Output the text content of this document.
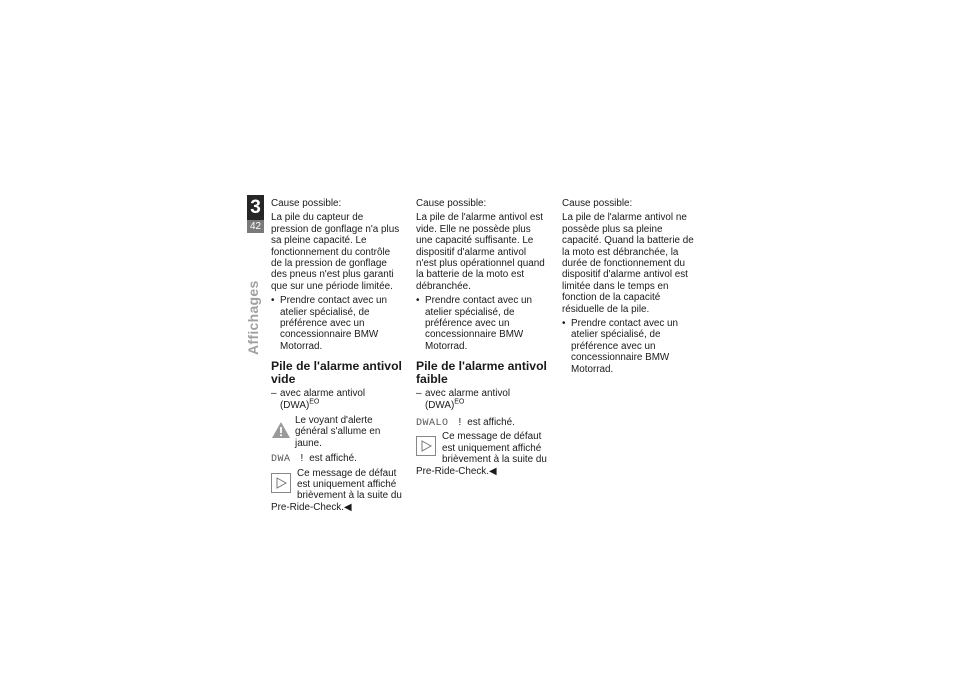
3
42
Affichages

Cause possible:

La pile du capteur de pression de gonflage n'a plus sa pleine capacité. Le fonctionnement du contrôle de la pression de gonflage des pneus n'est plus garanti que sur une période limitée.

• Prendre contact avec un atelier spécialisé, de préférence avec un concessionnaire BMW Motorrad.
Pile de l'alarme antivol vide
– avec alarme antivol (DWA)$^{EO}$
Le voyant d'alerte général s'allume en jaune.

DWA ! est affiché.

Ce message de défaut est uniquement affiché brièvement à la suite du Pre-Ride-Check.◀

Cause possible:

La pile de l'alarme antivol est vide. Elle ne possède plus une capacité suffisante. Le dispositif d'alarme antivol n'est plus opérationnel quand la batterie de la moto est débranchée.

• Prendre contact avec un atelier spécialisé, de préférence avec un concessionnaire BMW Motorrad.
Pile de l'alarme antivol faible
– avec alarme antivol (DWA)$^{EO}$

DWALO ! est affiché.

Ce message de défaut est uniquement affiché brièvement à la suite du Pre-Ride-Check.◀

Cause possible:

La pile de l'alarme antivol ne possède plus sa pleine capacité. Quand la batterie de la moto est débranchée, la durée de fonctionnement du dispositif d'alarme antivol est limitée dans le temps en fonction de la capacité résiduelle de la pile.

• Prendre contact avec un atelier spécialisé, de préférence avec un concessionnaire BMW Motorrad.
